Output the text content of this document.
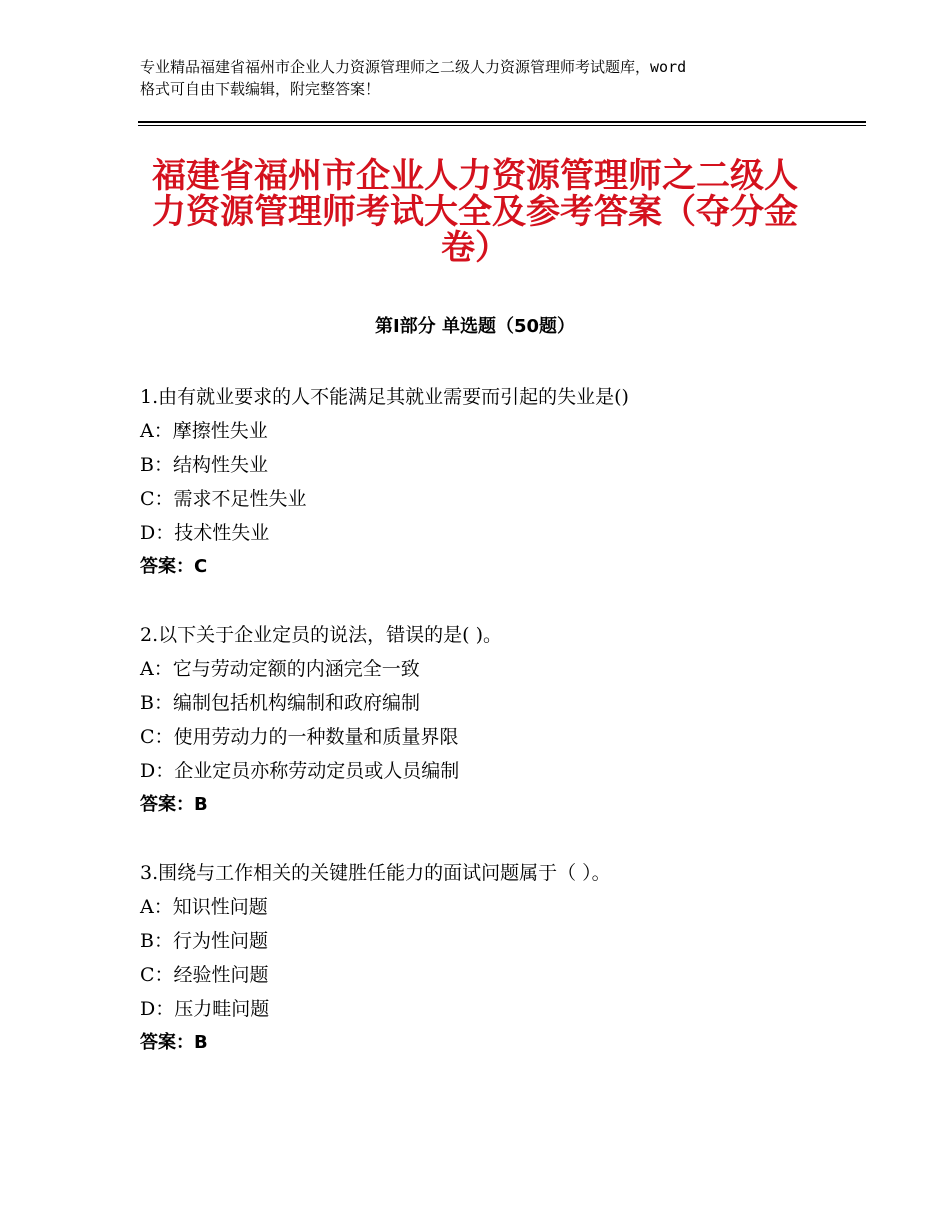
专业精品福建省福州市企业人力资源管理师之二级人力资源管理师考试题库，word
格式可自由下载编辑，附完整答案！
福建省福州市企业人力资源管理师之二级人
力资源管理师考试大全及参考答案（夺分金
卷）
第Ⅰ部分 单选题（50题）
1.由有就业要求的人不能满足其就业需要而引起的失业是()
A：摩擦性失业
B：结构性失业
C：需求不足性失业
D：技术性失业
答案：C
2.以下关于企业定员的说法，错误的是( )。
A：它与劳动定额的内涵完全一致
B：编制包括机构编制和政府编制
C：使用劳动力的一种数量和质量界限
D：企业定员亦称劳动定员或人员编制
答案：B
3.围绕与工作相关的关键胜任能力的面试问题属于（ ）。
A：知识性问题
B：行为性问题
C：经验性问题
D：压力畦问题
答案：B
